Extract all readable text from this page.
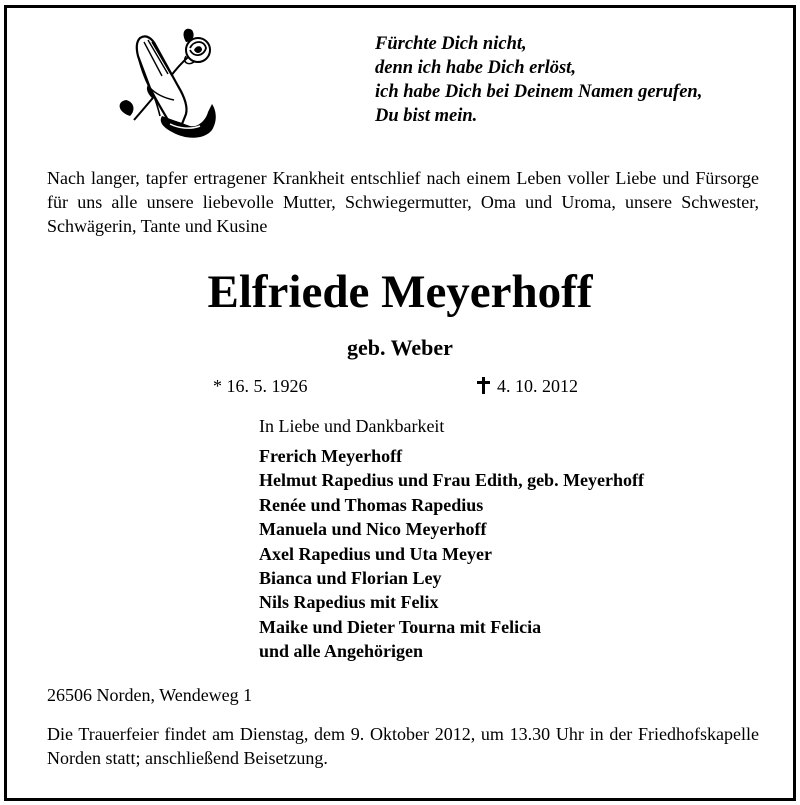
Fürchte Dich nicht,
denn ich habe Dich erlöst,
ich habe Dich bei Deinem Namen gerufen,
Du bist mein.
Nach langer, tapfer ertragener Krankheit entschlief nach einem Leben voller Liebe und Fürsorge für uns alle unsere liebevolle Mutter, Schwiegermutter, Oma und Uroma, unsere Schwester, Schwägerin, Tante und Kusine
Elfriede Meyerhoff
geb. Weber
* 16. 5. 1926	4. 10. 2012
In Liebe und Dankbarkeit
Frerich Meyerhoff
Helmut Rapedius und Frau Edith, geb. Meyerhoff
Renée und Thomas Rapedius
Manuela und Nico Meyerhoff
Axel Rapedius und Uta Meyer
Bianca und Florian Ley
Nils Rapedius mit Felix
Maike und Dieter Tourna mit Felicia
und alle Angehörigen
26506 Norden, Wendeweg 1
Die Trauerfeier findet am Dienstag, dem 9. Oktober 2012, um 13.30 Uhr in der Friedhofskapelle Norden statt; anschließend Beisetzung.
